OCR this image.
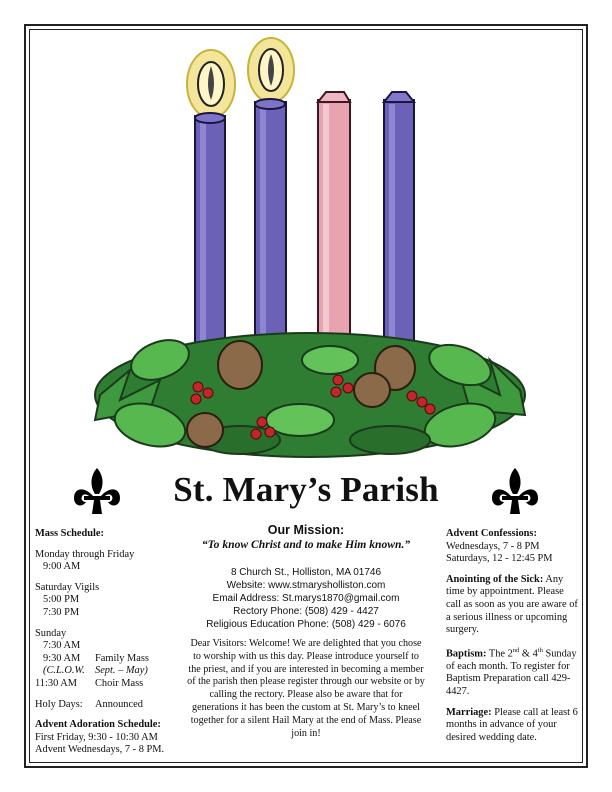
St. Mary’s Parish

Mass Schedule:

Monday through Friday

9:00 AM

Saturday Vigils

5:00 PM

7:30 PM

Sunday

7:30 AM

9:30 AM	Family Mass
(C.L.O.W. Sept. – May)
11:30 AM	Choir Mass
Holy Days:	Announced

Advent Adoration Schedule:

First Friday, 9:30 - 10:30 AM

Advent Wednesdays, 7 - 8 PM.

Our Mission:

“To know Christ and to make Him known.”

8 Church St., Holliston, MA 01746

Website: www.stmarysholliston.com

Email Address: St.marys1870@gmail.com

Rectory Phone: (508) 429 - 4427

Religious Education Phone: (508) 429 - 6076

Dear Visitors: Welcome! We are delighted that you chose to worship with us this day. Please introduce yourself to the priest, and if you are interested in becoming a member of the parish then please register through our website or by calling the rectory. Please also be aware that for generations it has been the custom at St. Mary’s to kneel together for a silent Hail Mary at the end of Mass. Please join in!

Advent Confessions:

Wednesdays, 7 - 8 PM

Saturdays, 12 - 12:45 PM

Anointing of the Sick: Any time by appointment. Please call as soon as you are aware of a serious illness or upcoming surgery.

Baptism: The 2nd & 4th Sunday of each month. To register for Baptism Preparation call 429-4427.

Marriage: Please call at least 6 months in advance of your desired wedding date.
